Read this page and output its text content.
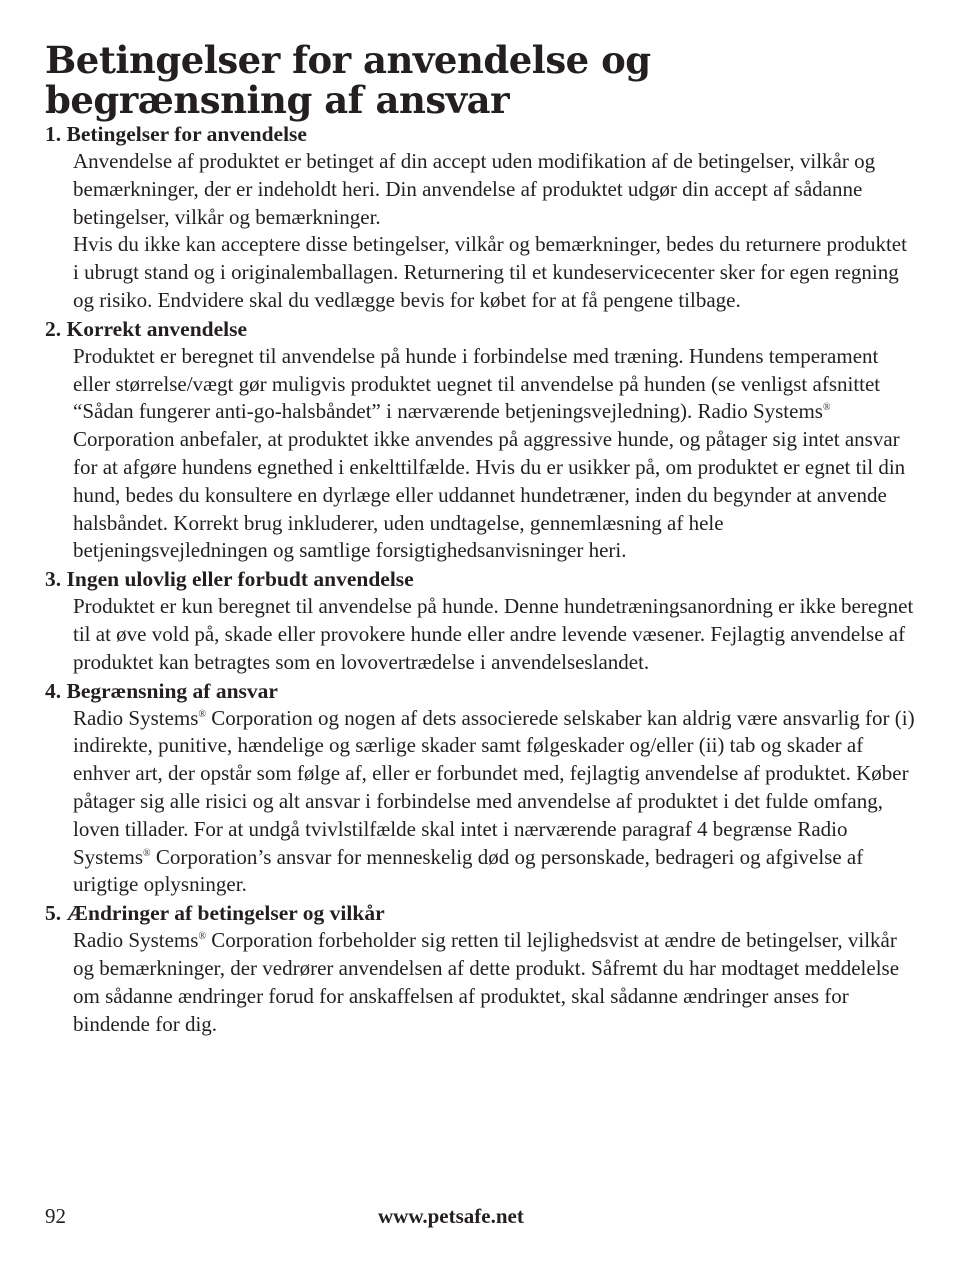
Betingelser for anvendelse og begrænsning af ansvar
1. Betingelser for anvendelse

Anvendelse af produktet er betinget af din accept uden modifikation af de betingelser, vilkår og bemærkninger, der er indeholdt heri. Din anvendelse af produktet udgør din accept af sådanne betingelser, vilkår og bemærkninger.

Hvis du ikke kan acceptere disse betingelser, vilkår og bemærkninger, bedes du returnere produktet i ubrugt stand og i originalemballagen. Returnering til et kundeservicecenter sker for egen regning og risiko. Endvidere skal du vedlægge bevis for købet for at få pengene tilbage.

2. Korrekt anvendelse

Produktet er beregnet til anvendelse på hunde i forbindelse med træning. Hundens temperament eller størrelse/vægt gør muligvis produktet uegnet til anvendelse på hunden (se venligst afsnittet “Sådan fungerer anti-go-halsbåndet” i nærværende betjeningsvejledning). Radio Systems® Corporation anbefaler, at produktet ikke anvendes på aggressive hunde, og påtager sig intet ansvar for at afgøre hundens egnethed i enkelttilfælde. Hvis du er usikker på, om produktet er egnet til din hund, bedes du konsultere en dyrlæge eller uddannet hundetræner, inden du begynder at anvende halsbåndet. Korrekt brug inkluderer, uden undtagelse, gennemlæsning af hele betjeningsvejledningen og samtlige forsigtighedsanvisninger heri.

3. Ingen ulovlig eller forbudt anvendelse

Produktet er kun beregnet til anvendelse på hunde. Denne hundetræningsanordning er ikke beregnet til at øve vold på, skade eller provokere hunde eller andre levende væsener. Fejlagtig anvendelse af produktet kan betragtes som en lovovertrædelse i anvendelseslandet.

4. Begrænsning af ansvar

Radio Systems® Corporation og nogen af dets associerede selskaber kan aldrig være ansvarlig for (i) indirekte, punitive, hændelige og særlige skader samt følgeskader og/eller (ii) tab og skader af enhver art, der opstår som følge af, eller er forbundet med, fejlagtig anvendelse af produktet. Køber påtager sig alle risici og alt ansvar i forbindelse med anvendelse af produktet i det fulde omfang, loven tillader. For at undgå tvivlstilfælde skal intet i nærværende paragraf 4 begrænse Radio Systems® Corporation’s ansvar for menneskelig død og personskade, bedrageri og afgivelse af urigtige oplysninger.

5. Ændringer af betingelser og vilkår

Radio Systems® Corporation forbeholder sig retten til lejlighedsvist at ændre de betingelser, vilkår og bemærkninger, der vedrører anvendelsen af dette produkt. Såfremt du har modtaget meddelelse om sådanne ændringer forud for anskaffelsen af produktet, skal sådanne ændringer anses for bindende for dig.

92	www.petsafe.net
